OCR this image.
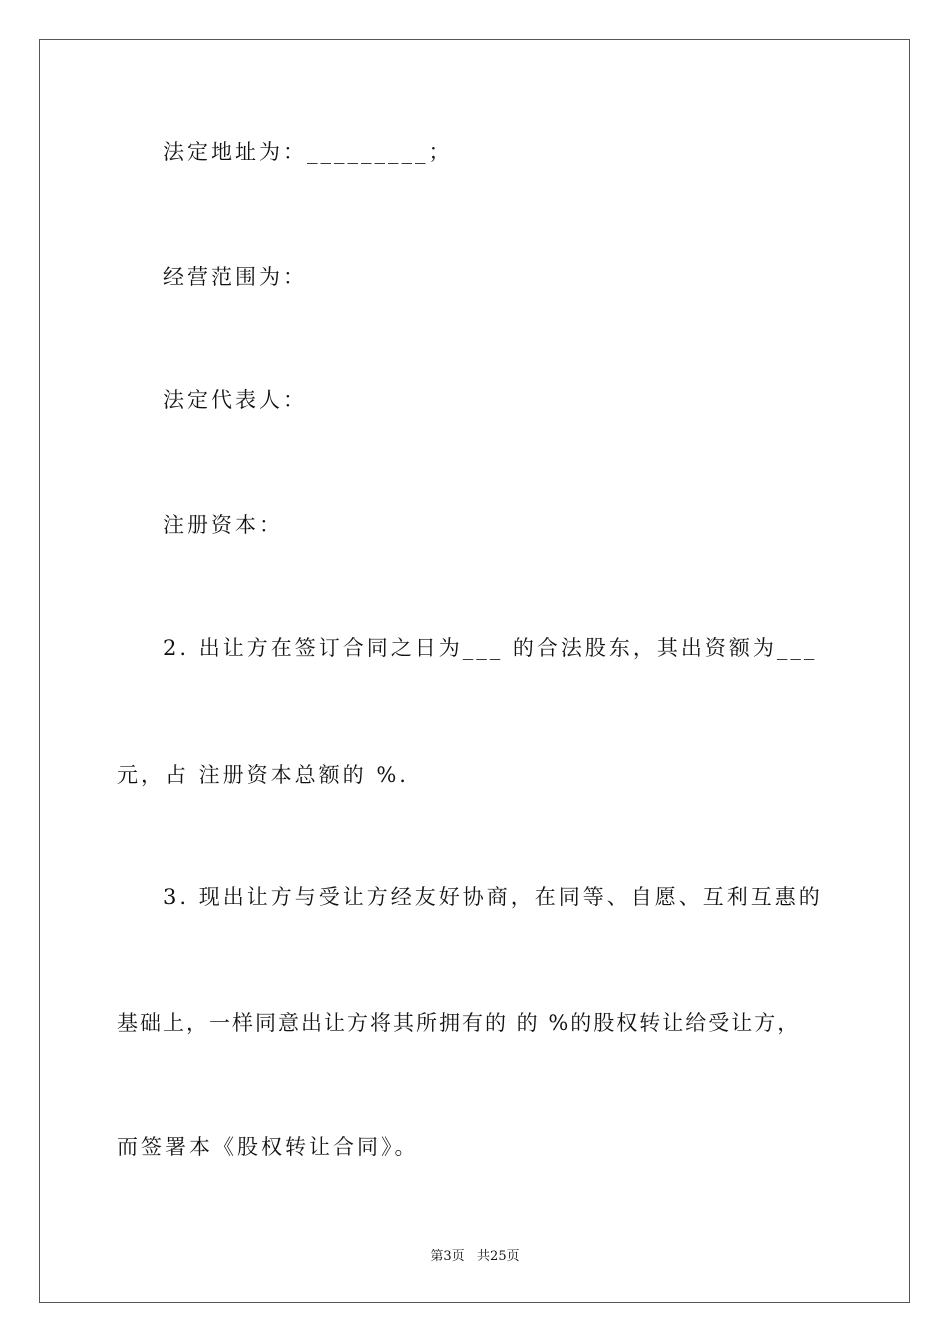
法定地址为：_________；
经营范围为：
法定代表人：
注册资本：
2. 出让方在签订合同之日为___ 的合法股东，其出资额为___
元，占 注册资本总额的 %.
3. 现出让方与受让方经友好协商，在同等、自愿、互利互惠的
基础上，一样同意出让方将其所拥有的 的 %的股权转让给受让方，
而签署本《股权转让合同》。
第3页   共25页
